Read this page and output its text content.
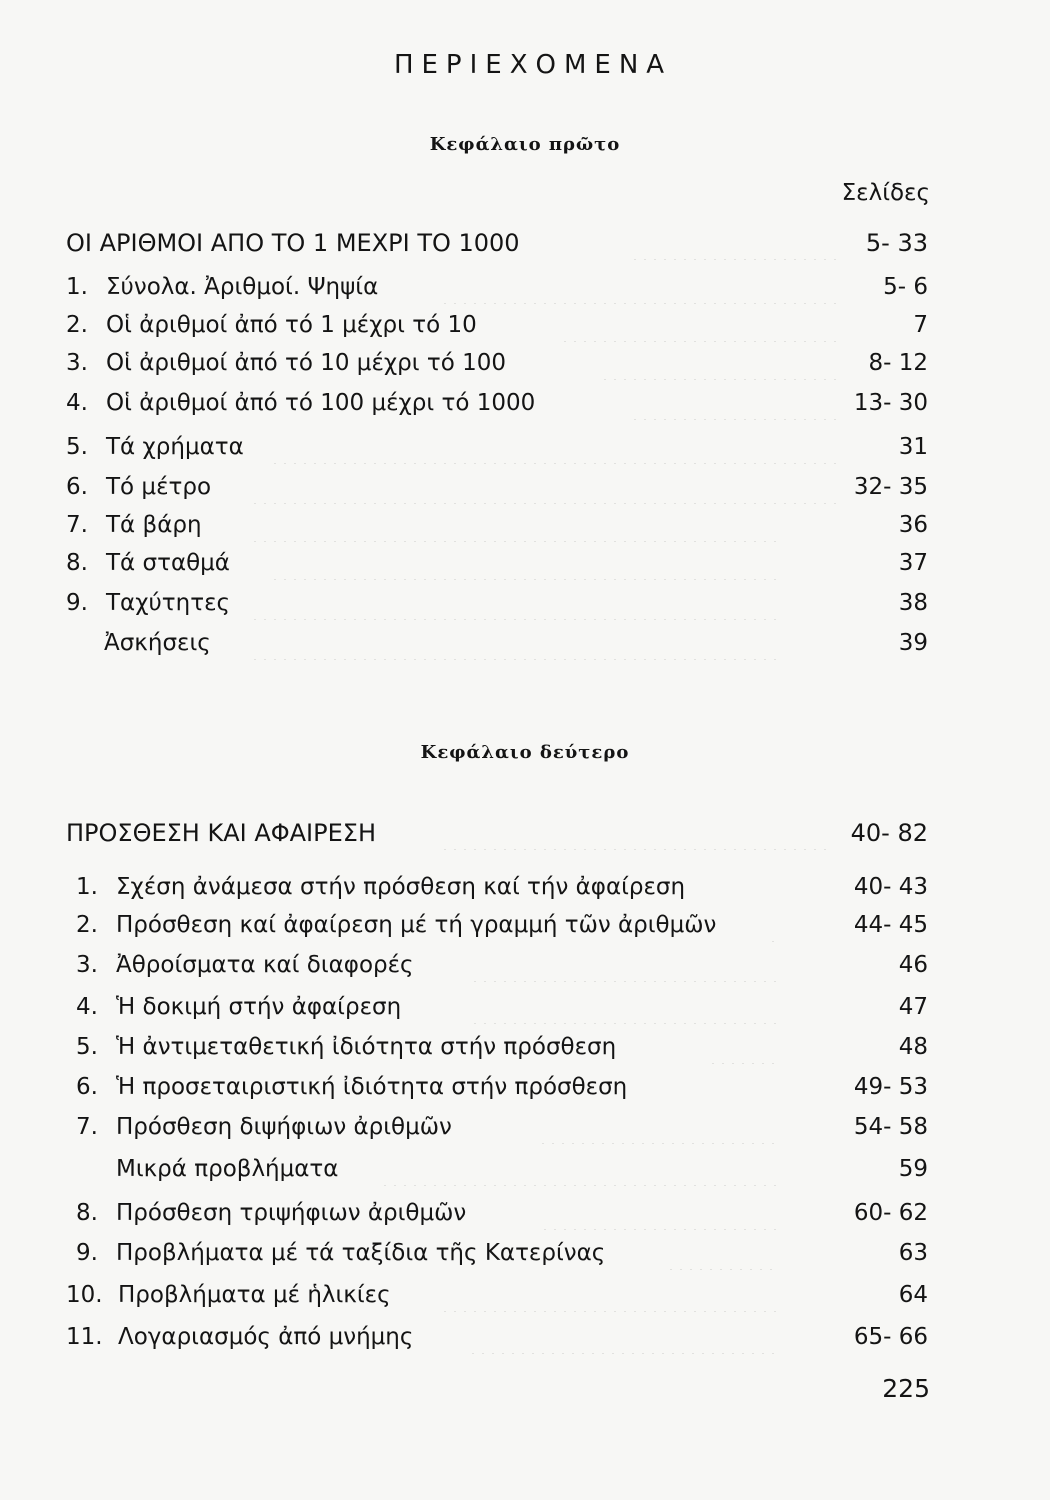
ΠΕΡΙΕΧΟΜΕΝΑ
Κεφάλαιο πρῶτο
Σελίδες
ΟΙ ΑΡΙΘΜΟΙ ΑΠΟ ΤΟ 1 ΜΕΧΡΙ ΤΟ 1000	5- 33
1. Σύνολα. Ἀριθμοί. Ψηψία	5- 6
2. Οἱ ἀριθμοί ἀπό τό 1 μέχρι τό 10	7
3. Οἱ ἀριθμοί ἀπό τό 10 μέχρι τό 100	8- 12
4. Οἱ ἀριθμοί ἀπό τό 100 μέχρι τό 1000	13- 30
5. Τά χρήματα	31
6. Τό μέτρο	32- 35
7. Τά βάρη	36
8. Τά σταθμά	37
9. Ταχύτητες	38
Ἀσκήσεις	39
Κεφάλαιο δεύτερο
ΠΡΟΣΘΕΣΗ ΚΑΙ ΑΦΑΙΡΕΣΗ	40- 82
1. Σχέση ἀνάμεσα στήν πρόσθεση καί τήν ἀφαίρεση	40- 43
2. Πρόσθεση καί ἀφαίρεση μέ τή γραμμή τῶν ἀριθμῶν	44- 45
3. Ἀθροίσματα καί διαφορές	46
4. Ἡ δοκιμή στήν ἀφαίρεση	47
5. Ἡ ἀντιμεταθετική ἰδιότητα στήν πρόσθεση	48
6. Ἡ προσεταιριστική ἰδιότητα στήν πρόσθεση	49- 53
7. Πρόσθεση διψήφιων ἀριθμῶν	54- 58
Μικρά προβλήματα	59
8. Πρόσθεση τριψήφιων ἀριθμῶν	60- 62
9. Προβλήματα μέ τά ταξίδια τῆς Κατερίνας	63
10. Προβλήματα μέ ἡλικίες	64
11. Λογαριασμός ἀπό μνήμης	65- 66
225
